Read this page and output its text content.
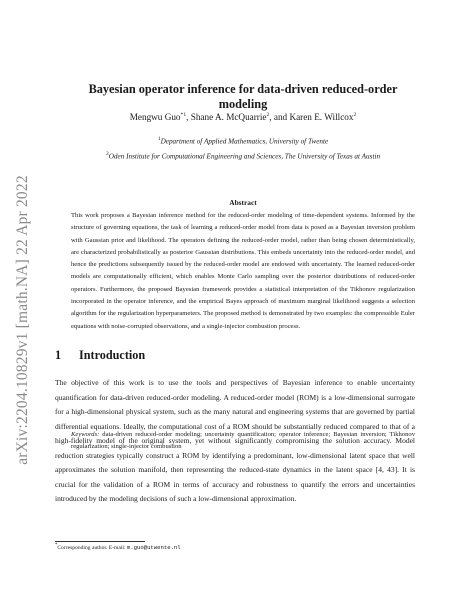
arXiv:2204.10829v1 [math.NA] 22 Apr 2022
Bayesian operator inference for data-driven reduced-order modeling
Mengwu Guo$^{*1}$, Shane A. McQuarrie$^2$, and Karen E. Willcox$^2$
$^1$Department of Applied Mathematics, University of Twente
$^2$Oden Institute for Computational Engineering and Sciences, The University of Texas at Austin
Abstract

This work proposes a Bayesian inference method for the reduced-order modeling of time-dependent systems. Informed by the structure of governing equations, the task of learning a reduced-order model from data is posed as a Bayesian inversion problem with Gaussian prior and likelihood. The operators defining the reduced-order model, rather than being chosen deterministically, are characterized probabilistically as posterior Gaussian distributions. This embeds uncertainty into the reduced-order model, and hence the predictions subsequently issued by the reduced-order model are endowed with uncertainty. The learned reduced-order models are computationally efficient, which enables Monte Carlo sampling over the posterior distributions of reduced-order operators. Furthermore, the proposed Bayesian framework provides a statistical interpretation of the Tikhonov regularization incorporated in the operator inference, and the empirical Bayes approach of maximum marginal likelihood suggests a selection algorithm for the regularization hyperparameters. The proposed method is demonstrated by two examples: the compressible Euler equations with noise-corrupted observations, and a single-injector combustion process.

Keywords: data-driven reduced-order modeling; uncertainty quantification; operator inference; Bayesian inversion; Tikhonov regularization; single-injector combustion

1 Introduction

The objective of this work is to use the tools and perspectives of Bayesian inference to enable uncertainty quantification for data-driven reduced-order modeling. A reduced-order model (ROM) is a low-dimensional surrogate for a high-dimensional physical system, such as the many natural and engineering systems that are governed by partial differential equations. Ideally, the computational cost of a ROM should be substantially reduced compared to that of a high-fidelity model of the original system, yet without significantly compromising the solution accuracy. Model reduction strategies typically construct a ROM by identifying a predominant, low-dimensional latent space that well approximates the solution manifold, then representing the reduced-state dynamics in the latent space [4, 43]. It is crucial for the validation of a ROM in terms of accuracy and robustness to quantify the errors and uncertainties introduced by the modeling decisions of such a low-dimensional approximation.

*Corresponding author. E-mail: m.guo@utwente.nl
